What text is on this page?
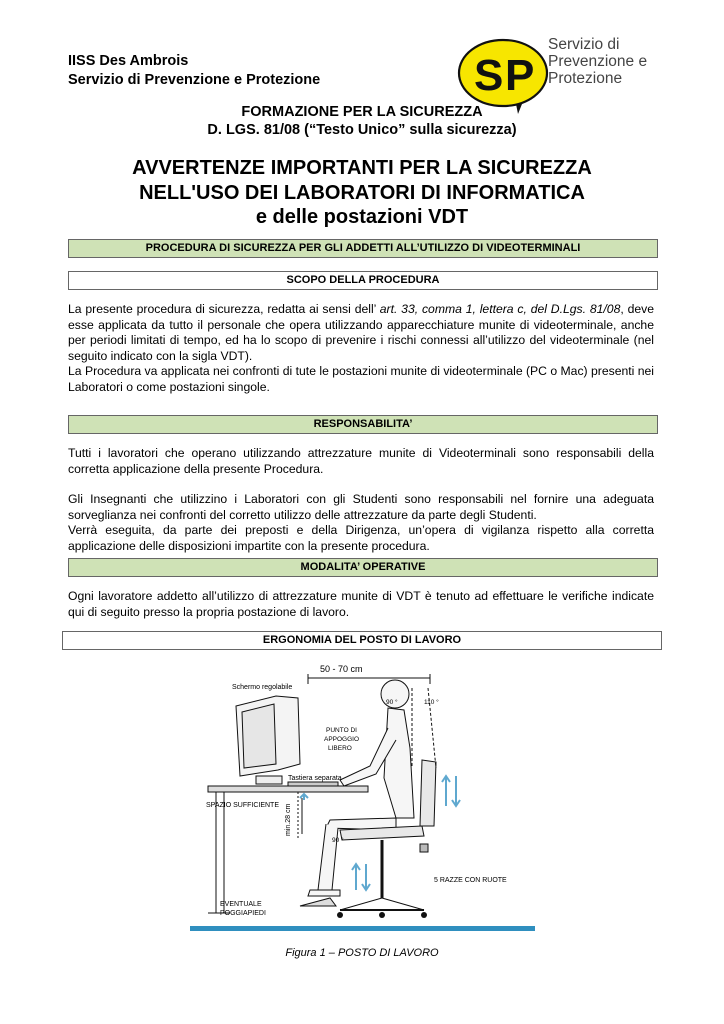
IISS Des Ambrois
Servizio di Prevenzione e Protezione	S P
Servizio di
Prevenzione e
Protezione
FORMAZIONE PER LA SICUREZZA
D. LGS. 81/08 (“Testo Unico” sulla sicurezza)
AVVERTENZE IMPORTANTI PER LA SICUREZZA
NELL'USO DEI LABORATORI DI INFORMATICA
e delle postazioni VDT
PROCEDURA DI SICUREZZA PER GLI ADDETTI ALL’UTILIZZO DI VIDEOTERMINALI
SCOPO DELLA PROCEDURA

La presente procedura di sicurezza, redatta ai sensi dell’ art. 33, comma 1, lettera c, del D.Lgs. 81/08, deve esse applicata da tutto il personale che opera utilizzando apparecchiature munite di videoterminale, anche per periodi limitati di tempo, ed ha lo scopo di prevenire i rischi connessi all’utilizzo del videoterminale (nel seguito indicato con la sigla VDT).

La Procedura va applicata nei confronti di tute le postazioni munite di videoterminale (PC o Mac) presenti nei Laboratori o come postazioni singole.

RESPONSABILITA’

Tutti i lavoratori che operano utilizzando attrezzature munite di Videoterminali sono responsabili della corretta applicazione della presente Procedura.

Gli Insegnanti che utilizzino i Laboratori con gli Studenti sono responsabili nel fornire una adeguata sorveglianza nei confronti del corretto utilizzo delle attrezzature da parte degli Studenti.

Verrà eseguita, da parte dei preposti e della Dirigenza, un’opera di vigilanza rispetto alla corretta applicazione delle disposizioni impartite con la presente procedura.

MODALITA’ OPERATIVE

Ogni lavoratore addetto all’utilizzo di attrezzature munite di VDT è tenuto ad effettuare le verifiche indicate qui di seguito presso la propria postazione di lavoro.

ERGONOMIA DEL POSTO DI LAVORO
50 - 70 cm
Schermo regolabile
90 °	110 °
PUNTO DI
APPOGGIO
LIBERO
Tastiera separata
SPAZIO SUFFICIENTE min.28 cm
90 °
5 RAZZE CON RUOTE
EVENTUALE
POGGIAPIEDI
Figura 1 – POSTO DI LAVORO
